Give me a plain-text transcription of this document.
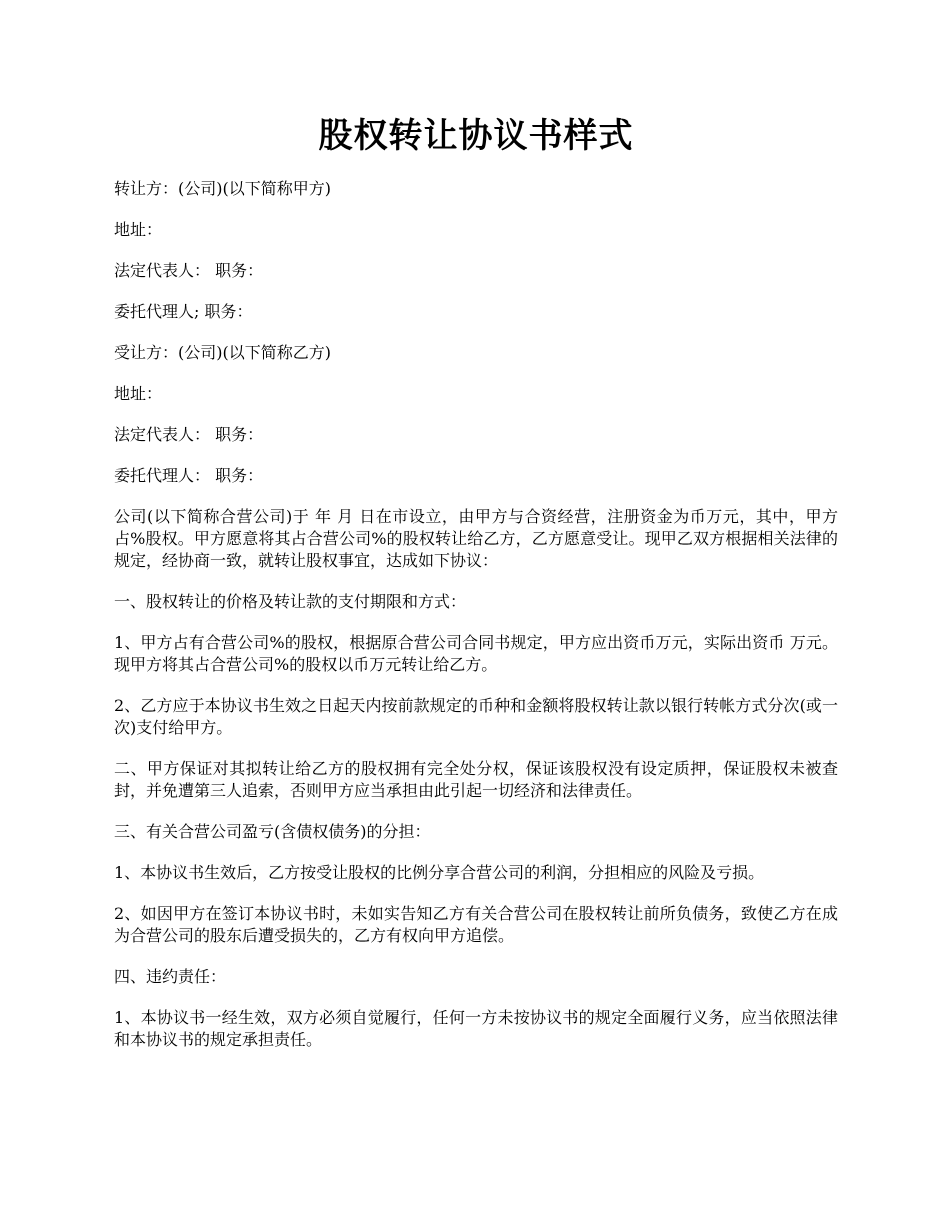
股权转让协议书样式

转让方：(公司)(以下简称甲方)

地址：

法定代表人： 职务：

委托代理人; 职务：

受让方：(公司)(以下简称乙方)

地址：

法定代表人： 职务：

委托代理人： 职务：

公司(以下简称合营公司)于 年 月 日在市设立，由甲方与合资经营，注册资金为币万元，其中，甲方占%股权。甲方愿意将其占合营公司%的股权转让给乙方，乙方愿意受让。现甲乙双方根据相关法律的规定，经协商一致，就转让股权事宜，达成如下协议：

一、股权转让的价格及转让款的支付期限和方式：

1、甲方占有合营公司%的股权，根据原合营公司合同书规定，甲方应出资币万元，实际出资币 万元。现甲方将其占合营公司%的股权以币万元转让给乙方。

2、乙方应于本协议书生效之日起天内按前款规定的币种和金额将股权转让款以银行转帐方式分次(或一次)支付给甲方。

二、甲方保证对其拟转让给乙方的股权拥有完全处分权，保证该股权没有设定质押，保证股权未被查封，并免遭第三人追索，否则甲方应当承担由此引起一切经济和法律责任。

三、有关合营公司盈亏(含债权债务)的分担：

1、本协议书生效后，乙方按受让股权的比例分享合营公司的利润，分担相应的风险及亏损。

2、如因甲方在签订本协议书时，未如实告知乙方有关合营公司在股权转让前所负债务，致使乙方在成为合营公司的股东后遭受损失的，乙方有权向甲方追偿。

四、违约责任：

1、本协议书一经生效，双方必须自觉履行，任何一方未按协议书的规定全面履行义务，应当依照法律和本协议书的规定承担责任。
